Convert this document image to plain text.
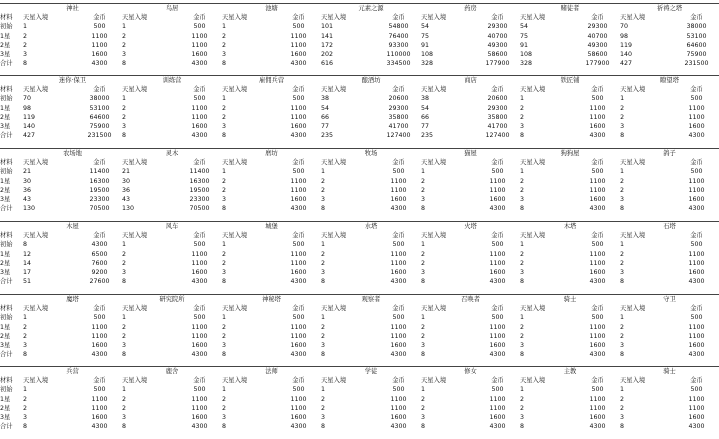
	神社		鸟居		池塘		元素之源		药房		赌徒者		祈祷之塔	
材料	天星入境	金币	天星入境	金币	天星入境	金币	天星入境	金币	天星入境	金币	天星入境	金币	天星入境	金币
初始	1	500	1	500	1	500	101	54800	54	29300	54	29300	70	38000
1星	2	1100	2	1100	2	1100	141	76400	75	40700	75	40700	98	53100
2星	2	1100	2	1100	2	1100	172	93300	91	49300	91	49300	119	64600
3星	3	1600	3	1600	3	1600	202	110000	108	58600	108	58600	140	75900
合计	8	4300	8	4300	8	4300	616	334500	328	177900	328	177900	427	231500
	迷你·保卫		训练营		雇佣兵营		酿酒坊		商店		铁匠铺		瞭望塔	
材料	天星入境	金币	天星入境	金币	天星入境	金币	天星入境	金币	天星入境	金币	天星入境	金币	天星入境	金币
初始	70	38000	1	500	1	500	38	20600	38	20600	1	500	1	500
1星	98	53100	2	1100	2	1100	54	29300	54	29300	2	1100	2	1100
2星	119	64600	2	1100	2	1100	66	35800	66	35800	2	1100	2	1100
3星	140	75900	3	1600	3	1600	77	41700	77	41700	3	1600	3	1600
合计	427	231500	8	4300	8	4300	235	127400	235	127400	8	4300	8	4300
	农场地		灵木		磨坊		牧场		猫屋		狗狗屋		鸽子	
材料	天星入境	金币	天星入境	金币	天星入境	金币	天星入境	金币	天星入境	金币	天星入境	金币	天星入境	金币
初始	21	11400	21	11400	1	500	1	500	1	500	1	500	1	500
1星	30	16300	30	16300	2	1100	2	1100	2	1100	2	1100	2	1100
2星	36	19500	36	19500	2	1100	2	1100	2	1100	2	1100	2	1100
3星	43	23300	43	23300	3	1600	3	1600	3	1600	3	1600	3	1600
合计	130	70500	130	70500	8	4300	8	4300	8	4300	8	4300	8	4300
	木屋		风车		城堡		水塔		火塔		木塔		石塔	
材料	天星入境	金币	天星入境	金币	天星入境	金币	天星入境	金币	天星入境	金币	天星入境	金币	天星入境	金币
初始	8	4300	1	500	1	500	1	500	1	500	1	500	1	500
1星	12	6500	2	1100	2	1100	2	1100	2	1100	2	1100	2	1100
2星	14	7600	2	1100	2	1100	2	1100	2	1100	2	1100	2	1100
3星	17	9200	3	1600	3	1600	3	1600	3	1600	3	1600	3	1600
合计	51	27600	8	4300	8	4300	8	4300	8	4300	8	4300	8	4300
	魔塔		研究院所		神秘塔		观察者		召唤者		骑士		守卫	
材料	天星入境	金币	天星入境	金币	天星入境	金币	天星入境	金币	天星入境	金币	天星入境	金币	天星入境	金币
初始	1	500	1	500	1	500	1	500	1	500	1	500	1	500
1星	2	1100	2	1100	2	1100	2	1100	2	1100	2	1100	2	1100
2星	2	1100	2	1100	2	1100	2	1100	2	1100	2	1100	2	1100
3星	3	1600	3	1600	3	1600	3	1600	3	1600	3	1600	3	1600
合计	8	4300	8	4300	8	4300	8	4300	8	4300	8	4300	8	4300
	兵营		鹿舍		法师		学徒		修女		主教		骑士	
材料	天星入境	金币	天星入境	金币	天星入境	金币	天星入境	金币	天星入境	金币	天星入境	金币	天星入境	金币
初始	1	500	1	500	1	500	1	500	1	500	1	500	1	500
1星	2	1100	2	1100	2	1100	2	1100	2	1100	2	1100	2	1100
2星	2	1100	2	1100	2	1100	2	1100	2	1100	2	1100	2	1100
3星	3	1600	3	1600	3	1600	3	1600	3	1600	3	1600	3	1600
合计	8	4300	8	4300	8	4300	8	4300	8	4300	8	4300	8	4300
